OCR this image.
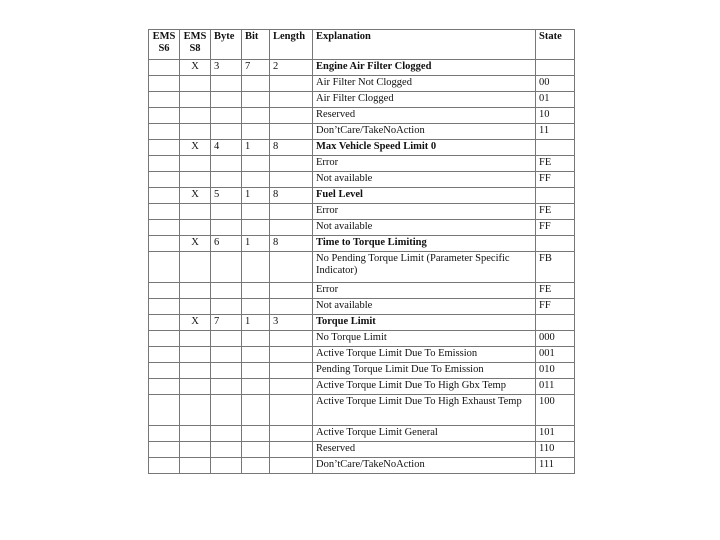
EMS S6	EMS S8	Byte	Bit	Length	Explanation	State
	X	3	7	2	Engine Air Filter Clogged	
					Air Filter Not Clogged	00
					Air Filter Clogged	01
					Reserved	10
					Don’tCare/TakeNoAction	11
	X	4	1	8	Max Vehicle Speed Limit 0	
					Error	FE
					Not available	FF
	X	5	1	8	Fuel Level	
					Error	FE
					Not available	FF
	X	6	1	8	Time to Torque Limiting	
					No Pending Torque Limit (Parameter Specific Indicator)	FB
					Error	FE
					Not available	FF
	X	7	1	3	Torque Limit	
					No Torque Limit	000
					Active Torque Limit Due To Emission	001
					Pending Torque Limit Due To Emission	010
					Active Torque Limit Due To High Gbx Temp	011
					Active Torque Limit Due To High Exhaust Temp	100
					Active Torque Limit General	101
					Reserved	110
					Don’tCare/TakeNoAction	111
